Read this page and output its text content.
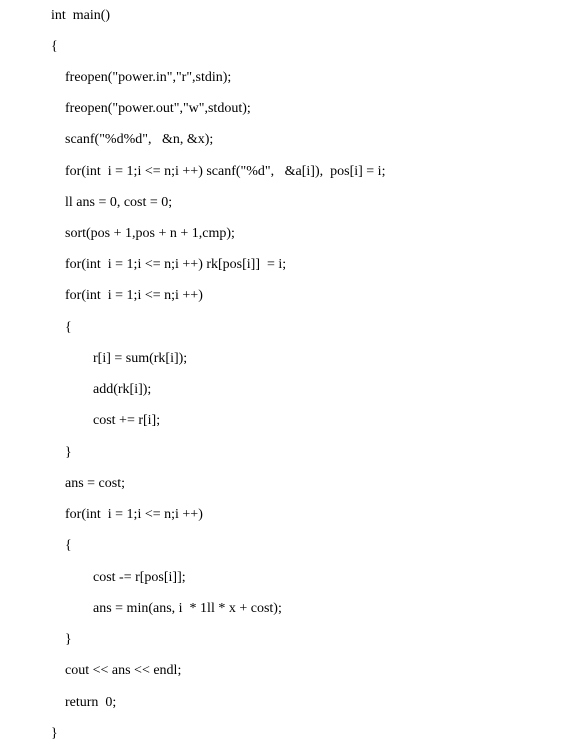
int  main()
{
freopen("power.in","r",stdin);
freopen("power.out","w",stdout);
scanf("%d%d",   &n, &x);
for(int  i = 1;i <= n;i ++) scanf("%d",   &a[i]),  pos[i] = i;
ll ans = 0, cost = 0;
sort(pos + 1,pos + n + 1,cmp);
for(int  i = 1;i <= n;i ++) rk[pos[i]]  = i;
for(int  i = 1;i <= n;i ++)
{
r[i] = sum(rk[i]);
add(rk[i]);
cost += r[i];
}
ans = cost;
for(int  i = 1;i <= n;i ++)
{
cost -= r[pos[i]];
ans = min(ans, i  * 1ll * x + cost);
}
cout << ans << endl;
return  0;
}
